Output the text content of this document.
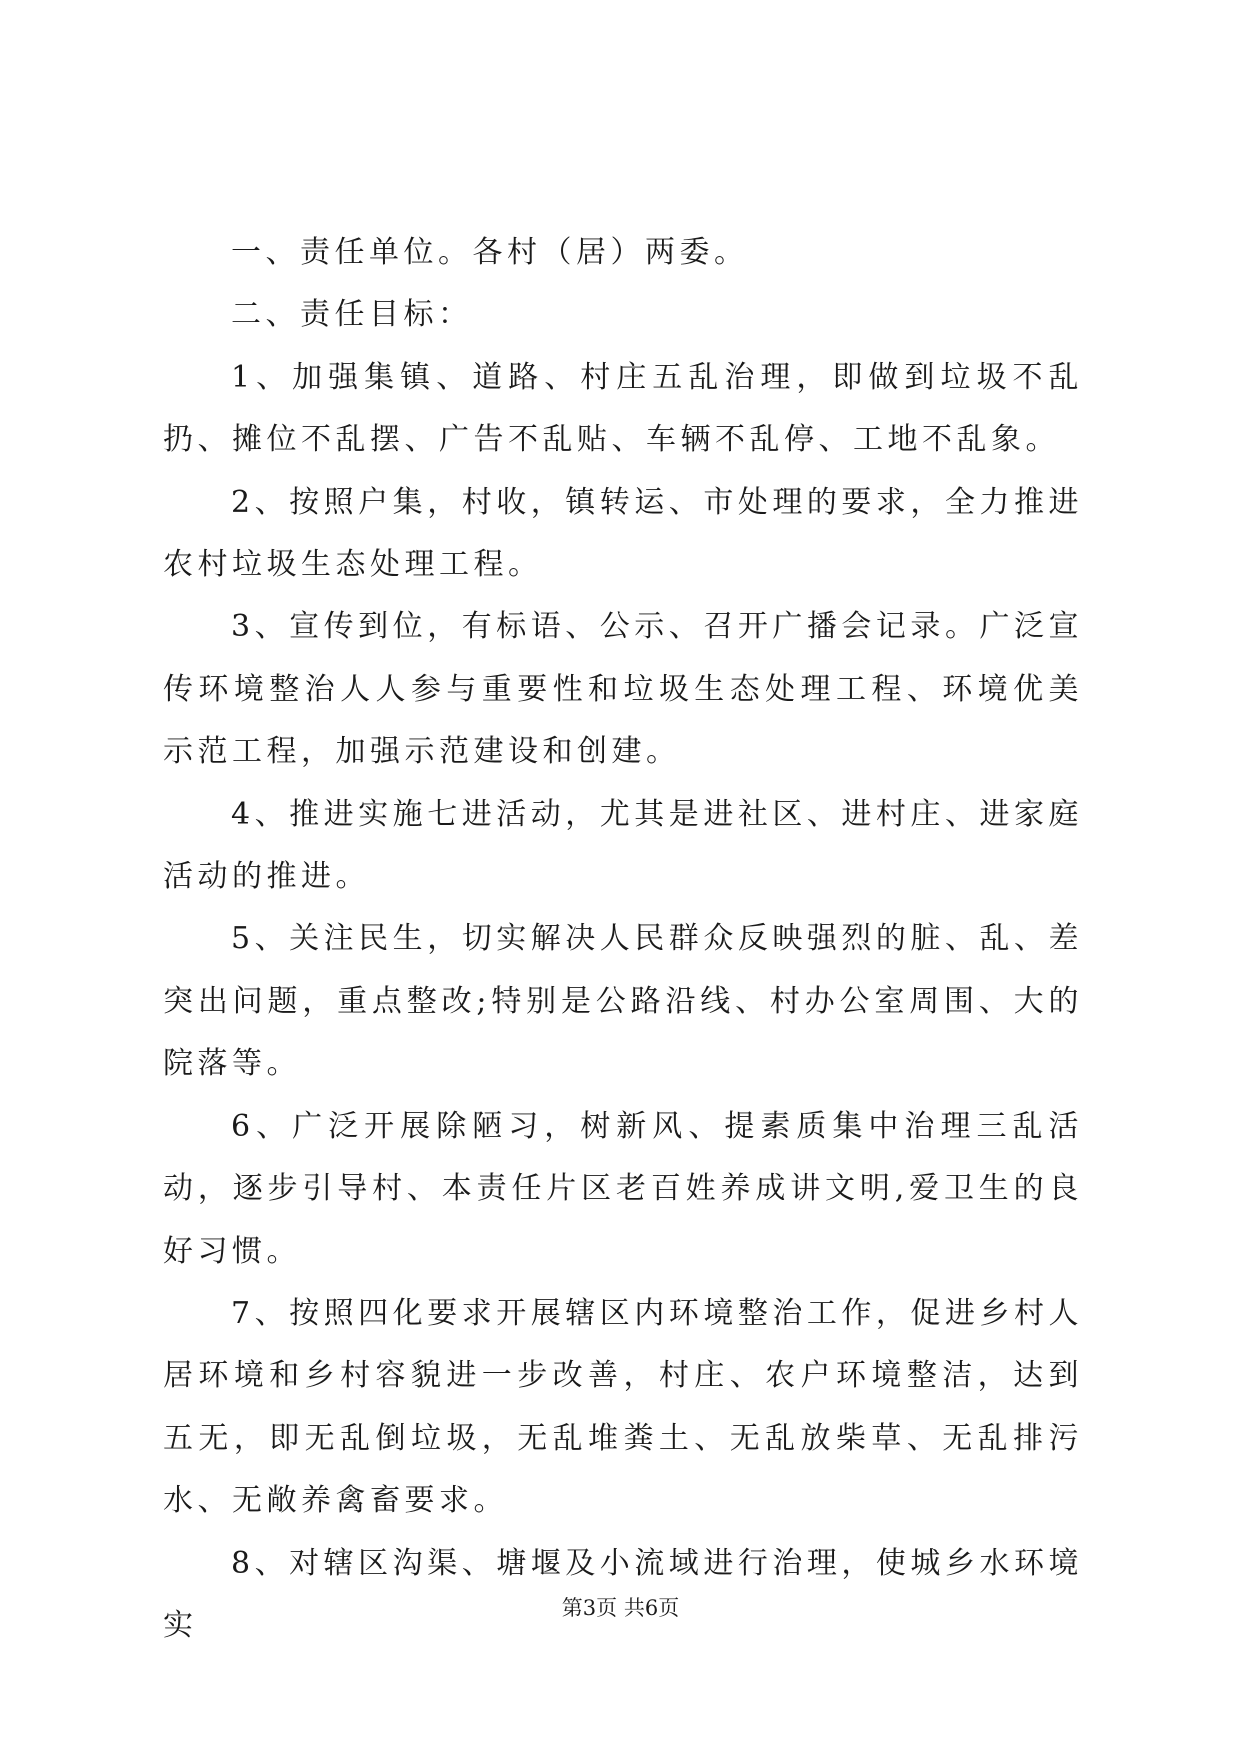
一、责任单位。各村（居）两委。

二、责任目标：

1、加强集镇、道路、村庄五乱治理，即做到垃圾不乱扔、摊位不乱摆、广告不乱贴、车辆不乱停、工地不乱象。

2、按照户集，村收，镇转运、市处理的要求，全力推进农村垃圾生态处理工程。

3、宣传到位，有标语、公示、召开广播会记录。广泛宣传环境整治人人参与重要性和垃圾生态处理工程、环境优美示范工程，加强示范建设和创建。

4、推进实施七进活动，尤其是进社区、进村庄、进家庭活动的推进。

5、关注民生，切实解决人民群众反映强烈的脏、乱、差突出问题，重点整改;特别是公路沿线、村办公室周围、大的院落等。

6、广泛开展除陋习，树新风、提素质集中治理三乱活动，逐步引导村、本责任片区老百姓养成讲文明,爱卫生的良好习惯。

7、按照四化要求开展辖区内环境整治工作，促进乡村人居环境和乡村容貌进一步改善，村庄、农户环境整洁，达到五无，即无乱倒垃圾，无乱堆粪土、无乱放柴草、无乱排污水、无敞养禽畜要求。

8、对辖区沟渠、塘堰及小流域进行治理，使城乡水环境实	第3页 共6页
